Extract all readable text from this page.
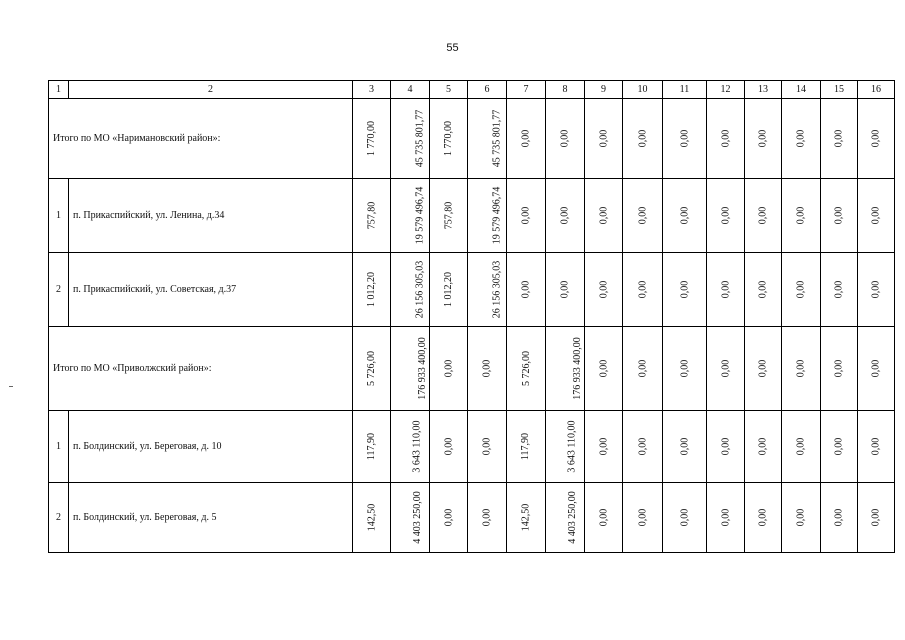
55
1	2	3	4	5	6	7	8	9	10	11	12	13	14	15	16
Итого по МО «Наримановский район»:		1 770,00	45 735 801,77	1 770,00	45 735 801,77	0,00	0,00	0,00	0,00	0,00	0,00	0,00	0,00	0,00	0,00
1	п. Прикаспийский, ул. Ленина, д.34	757,80	19 579 496,74	757,80	19 579 496,74	0,00	0,00	0,00	0,00	0,00	0,00	0,00	0,00	0,00	0,00
2	п. Прикаспийский, ул. Советская, д.37	1 012,20	26 156 305,03	1 012,20	26 156 305,03	0,00	0,00	0,00	0,00	0,00	0,00	0,00	0,00	0,00	0,00
Итого по МО «Приволжский район»:		5 726,00	176 933 400,00	0,00	0,00	5 726,00	176 933 400,00	0,00	0,00	0,00	0,00	0,00	0,00	0,00	0,00
1	п. Болдинский, ул. Береговая, д. 10	117,90	3 643 110,00	0,00	0,00	117,90	3 643 110,00	0,00	0,00	0,00	0,00	0,00	0,00	0,00	0,00
2	п. Болдинский, ул. Береговая, д. 5	142,50	4 403 250,00	0,00	0,00	142,50	4 403 250,00	0,00	0,00	0,00	0,00	0,00	0,00	0,00	0,00
